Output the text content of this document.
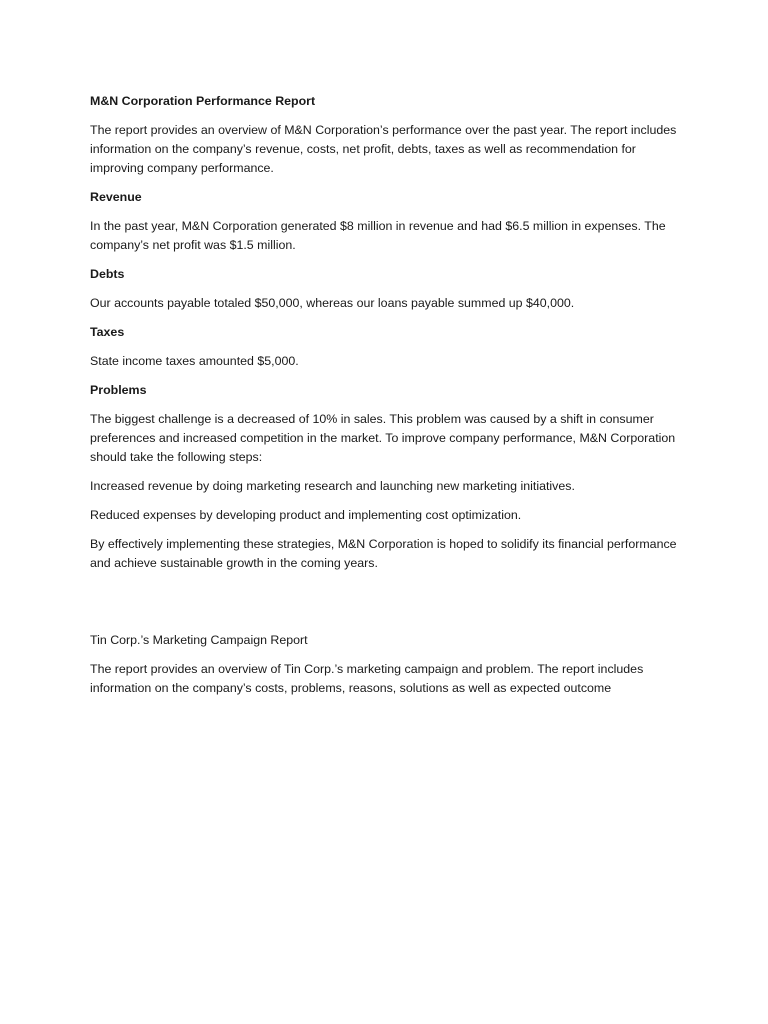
M&N Corporation Performance Report

The report provides an overview of M&N Corporation’s performance over the past year. The report includes information on the company’s revenue, costs, net profit, debts, taxes as well as recommendation for improving company performance.

Revenue

In the past year, M&N Corporation generated $8 million in revenue and had $6.5 million in expenses. The company’s net profit was $1.5 million.

Debts

Our accounts payable totaled $50,000, whereas our loans payable summed up $40,000.

Taxes

State income taxes amounted $5,000.

Problems

The biggest challenge is a decreased of 10% in sales. This problem was caused by a shift in consumer preferences and increased competition in the market. To improve company performance, M&N Corporation should take the following steps:

Increased revenue by doing marketing research and launching new marketing initiatives.

Reduced expenses by developing product and implementing cost optimization.

By effectively implementing these strategies, M&N Corporation is hoped to solidify its financial performance and achieve sustainable growth in the coming years.

Tin Corp.’s Marketing Campaign Report

The report provides an overview of Tin Corp.’s marketing campaign and problem. The report includes information on the company’s costs, problems, reasons, solutions as well as expected outcome
